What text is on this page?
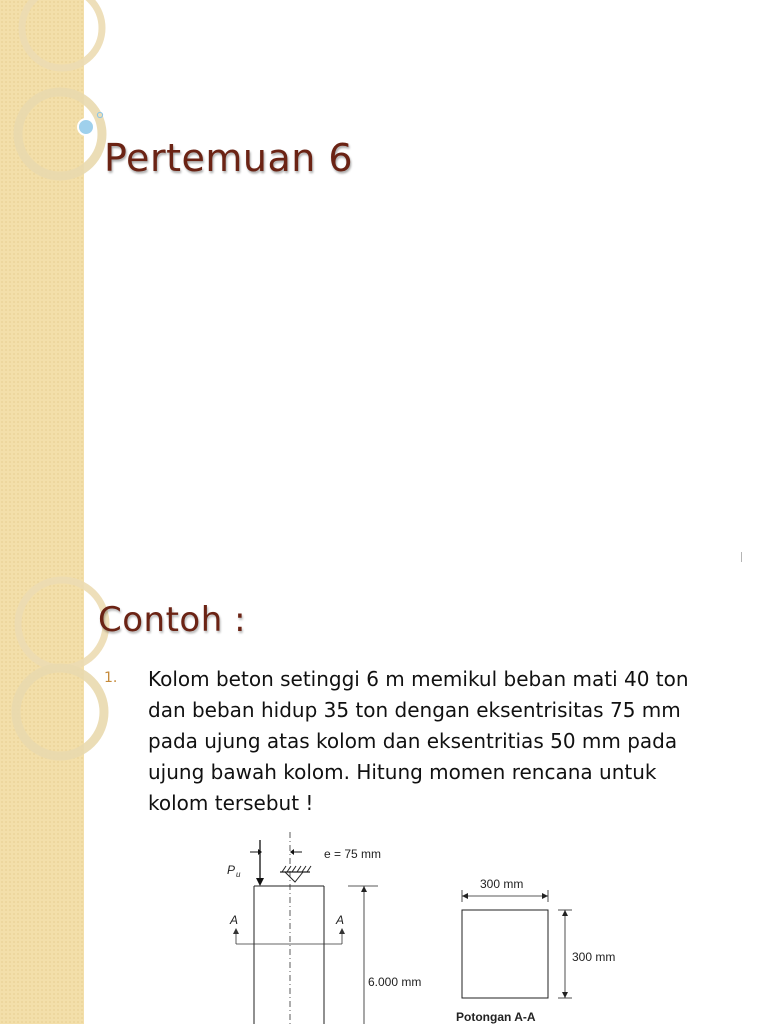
Pertemuan 6
Contoh :
1. Kolom beton setinggi 6 m memikul beban mati 40 ton dan beban hidup 35 ton dengan eksentrisitas 75 mm pada ujung atas kolom dan eksentritias 50 mm pada ujung bawah kolom. Hitung momen rencana untuk kolom tersebut !
P u
e = 75 mm
A	A
6.000 mm
300 mm
300 mm
Potongan A-A
